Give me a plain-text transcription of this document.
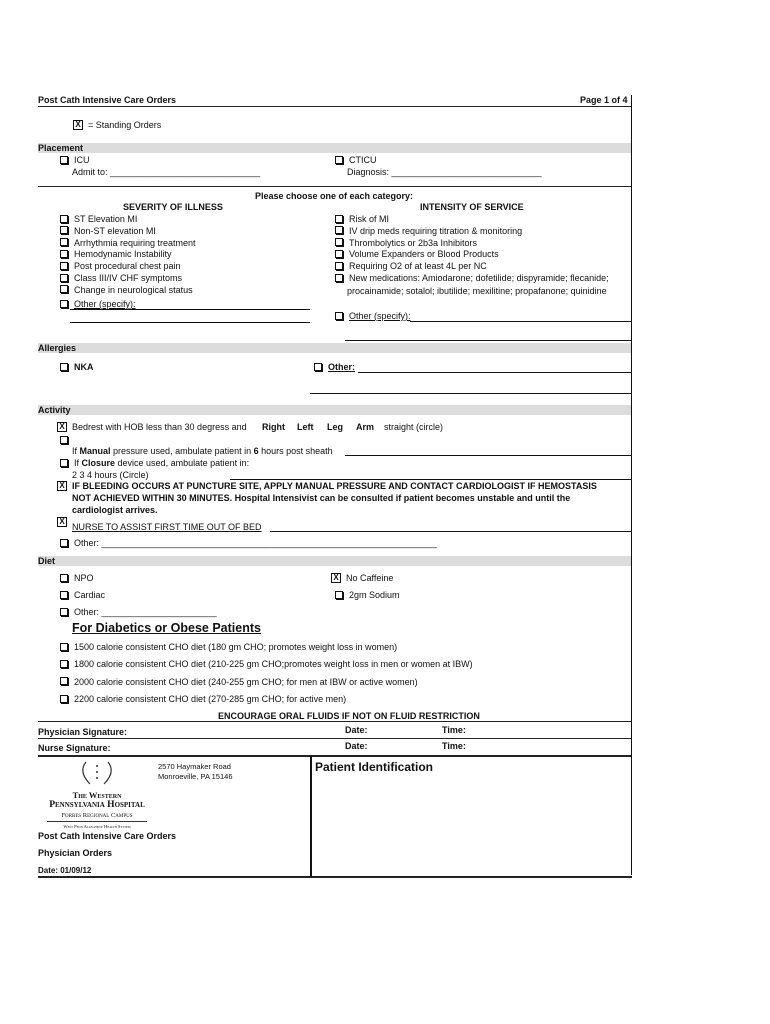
Post Cath Intensive Care Orders	Page 1 of 4
X = Standing Orders
Placement
ICU
Admit to: ______________________________
CTICU
Diagnosis: ______________________________
Please choose one of each category:
SEVERITY OF ILLNESS	INTENSITY OF SERVICE
ST Elevation MI
Non-ST elevation MI
Arrhythmia requiring treatment
Hemodynamic Instability
Post procedural chest pain
Class III/IV CHF symptoms
Change in neurological status
Other (specify):
Risk of MI
IV drip meds requiring titration & monitoring
Thrombolytics or 2b3a Inhibitors
Volume Expanders or Blood Products
Requiring O2 of at least 4L per NC
New medications: Amiodarone; dofetilide; dispyramide; flecanide;
procainamide; sotalol; ibutilide; mexilitine; propafanone; quinidine
Other (specify):
Allergies
NKA	Other:
Activity
X Bedrest with HOB less than 30 degress and Right Left Leg Arm straight (circle)
If Manual pressure used, ambulate patient in 6 hours post sheath
If Closure device used, ambulate patient in:
2 3 4 hours (Circle)
X IF BLEEDING OCCURS AT PUNCTURE SITE, APPLY MANUAL PRESSURE AND CONTACT CARDIOLOGIST IF HEMOSTASIS
NOT ACHIEVED WITHIN 30 MINUTES. Hospital Intensivist can be consulted if patient becomes unstable and until the
cardiologist arrives.
X
NURSE TO ASSIST FIRST TIME OUT OF BED
Other: ___________________________________________________________________
Diet
NPO	X No Caffeine
Cardiac	2gm Sodium
Other: _______________________
For Diabetics or Obese Patients
1500 calorie consistent CHO diet (180 gm CHO; promotes weight loss in women)
1800 calorie consistent CHO diet (210-225 gm CHO;promotes weight loss in men or women at IBW)
2000 calorie consistent CHO diet (240-255 gm CHO; for men at IBW or active women)
2200 calorie consistent CHO diet (270-285 gm CHO; for active men)
ENCOURAGE ORAL FLUIDS IF NOT ON FLUID RESTRICTION
Physician Signature:	Date:	Time:
Nurse Signature:	Date:	Time:
Patient Identification
2570 Haymaker Road
Monroeville, PA 15146
The Western
Pennsylvania Hospital
Forbes Regional Campus
West Penn Allegheny Health System
Post Cath Intensive Care Orders
Physician Orders
Date: 01/09/12
